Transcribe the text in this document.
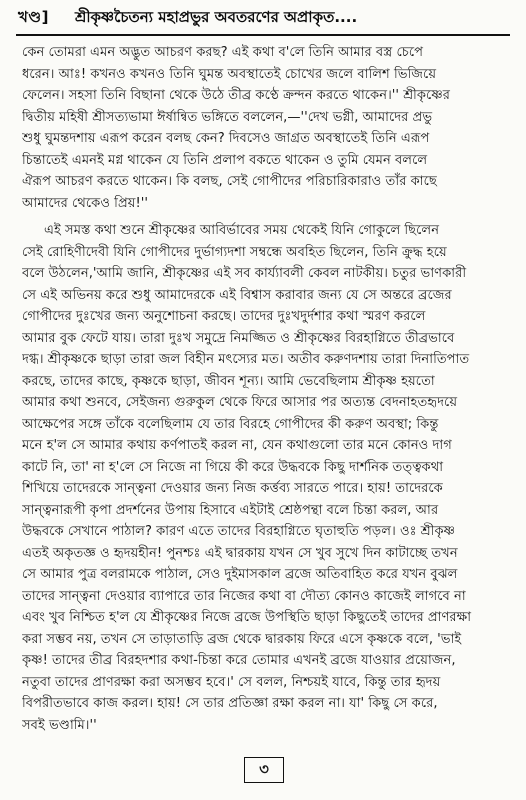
খণ্ড] শ্রীকৃষ্ণচৈতন্য মহাপ্রভুর অবতরণের অপ্রাকৃত....
কেন তোমরা এমন অদ্ভুত আচরণ করছ? এই কথা ব'লে তিনি আমার বস্ত্র চেপে
ধরেন। আঃ! কখনও কখনও তিনি ঘুমন্ত অবস্থাতেই চোখের জলে বালিশ ভিজিয়ে
ফেলেন। সহসা তিনি বিছানা থেকে উঠে তীব্র কণ্ঠে ক্রন্দন করতে থাকেন।'' শ্রীকৃষ্ণের
দ্বিতীয় মহিষী শ্রীসত্যভামা ঈর্ষান্বিত ভঙ্গিতে বললেন,—''দেখ ভগ্নী, আমাদের প্রভু
শুধু ঘুমন্তদশায় এরূপ করেন বলছ কেন? দিবসেও জাগ্রত অবস্থাতেই তিনি এরূপ
চিন্তাতেই এমনই মগ্ন থাকেন যে তিনি প্রলাপ বকতে থাকেন ও তুমি যেমন বললে
ঐরূপ আচরণ করতে থাকেন। কি বলছ, সেই গোপীদের পরিচারিকারাও তাঁর কাছে
আমাদের থেকেও প্রিয়!''
এই সমস্ত কথা শুনে শ্রীকৃষ্ণের আবির্ভাবের সময় থেকেই যিনি গোকুলে ছিলেন
সেই রোহিণীদেবী যিনি গোপীদের দুর্ভাগ্যদশা সম্বন্ধে অবহিত ছিলেন, তিনি ক্রুদ্ধ হয়ে
বলে উঠলেন,'আমি জানি, শ্রীকৃষ্ণের এই সব কার্য্যাবলী কেবল নাটকীয়। চতুর ভাণকারী
সে এই অভিনয় করে শুধু আমাদেরকে এই বিশ্বাস করাবার জন্য যে সে অন্তরে ব্রজের
গোপীদের দুঃখের জন্য অনুশোচনা করছে। তাদের দুঃখদুর্দশার কথা স্মরণ করলে
আমার বুক ফেটে যায়। তারা দুঃখ সমুদ্রে নিমজ্জিত ও শ্রীকৃষ্ণের বিরহাগ্নিতে তীব্রভাবে
দগ্ধ। শ্রীকৃষ্ণকে ছাড়া তারা জল বিহীন মৎস্যের মত। অতীব করুণদশায় তারা দিনাতিপাত
করছে, তাদের কাছে, কৃষ্ণকে ছাড়া, জীবন শূন্য। আমি ভেবেছিলাম শ্রীকৃষ্ণ হয়তো
আমার কথা শুনবে, সেইজন্য গুরুকুল থেকে ফিরে আসার পর অত্যন্ত বেদনাহতহৃদয়ে
আক্ষেপের সঙ্গে তাঁকে বলেছিলাম যে তার বিরহে গোপীদের কী করুণ অবস্থা; কিন্তু
মনে হ'ল সে আমার কথায় কর্ণপাতই করল না, যেন কথাগুলো তার মনে কোনও দাগ
কাটে নি, তা' না হ'লে সে নিজে না গিয়ে কী করে উদ্ধবকে কিছু দার্শনিক তত্ত্বকথা
শিখিয়ে তাদেরকে সান্ত্বনা দেওয়ার জন্য নিজ কর্ত্তব্য সারতে পারে। হায়! তাদেরকে
সান্ত্বনারূপী কৃপা প্রদর্শনের উপায় হিসাবে এইটাই শ্রেষ্ঠপন্থা বলে চিন্তা করল, আর
উদ্ধবকে সেখানে পাঠাল? কারণ এতে তাদের বিরহাগ্নিতে ঘৃতাহুতি পড়ল। ওঃ শ্রীকৃষ্ণ
এতই অকৃতজ্ঞ ও হৃদয়হীন! পুনশ্চঃ এই দ্বারকায় যখন সে খুব সুখে দিন কাটাচ্ছে তখন
সে আমার পুত্র বলরামকে পাঠাল, সেও দুইমাসকাল ব্রজে অতিবাহিত করে যখন বুঝল
তাদের সান্ত্বনা দেওয়ার ব্যাপারে তার নিজের কথা বা দৌত্য কোনও কাজেই লাগবে না
এবং খুব নিশ্চিত হ'ল যে শ্রীকৃষ্ণের নিজে ব্রজে উপস্থিতি ছাড়া কিছুতেই তাদের প্রাণরক্ষা
করা সম্ভব নয়, তখন সে তাড়াতাড়ি ব্রজ থেকে দ্বারকায় ফিরে এসে কৃষ্ণকে বলে, 'ভাই
কৃষ্ণ! তাদের তীব্র বিরহদশার কথা-চিন্তা করে তোমার এখনই ব্রজে যাওয়ার প্রয়োজন,
নতুবা তাদের প্রাণরক্ষা করা অসম্ভব হবে।' সে বলল, নিশ্চয়ই যাবে, কিন্তু তার হৃদয়
বিপরীতভাবে কাজ করল। হায়! সে তার প্রতিজ্ঞা রক্ষা করল না। যা' কিছু সে করে,
সবই ভণ্ডামি।''
৩
